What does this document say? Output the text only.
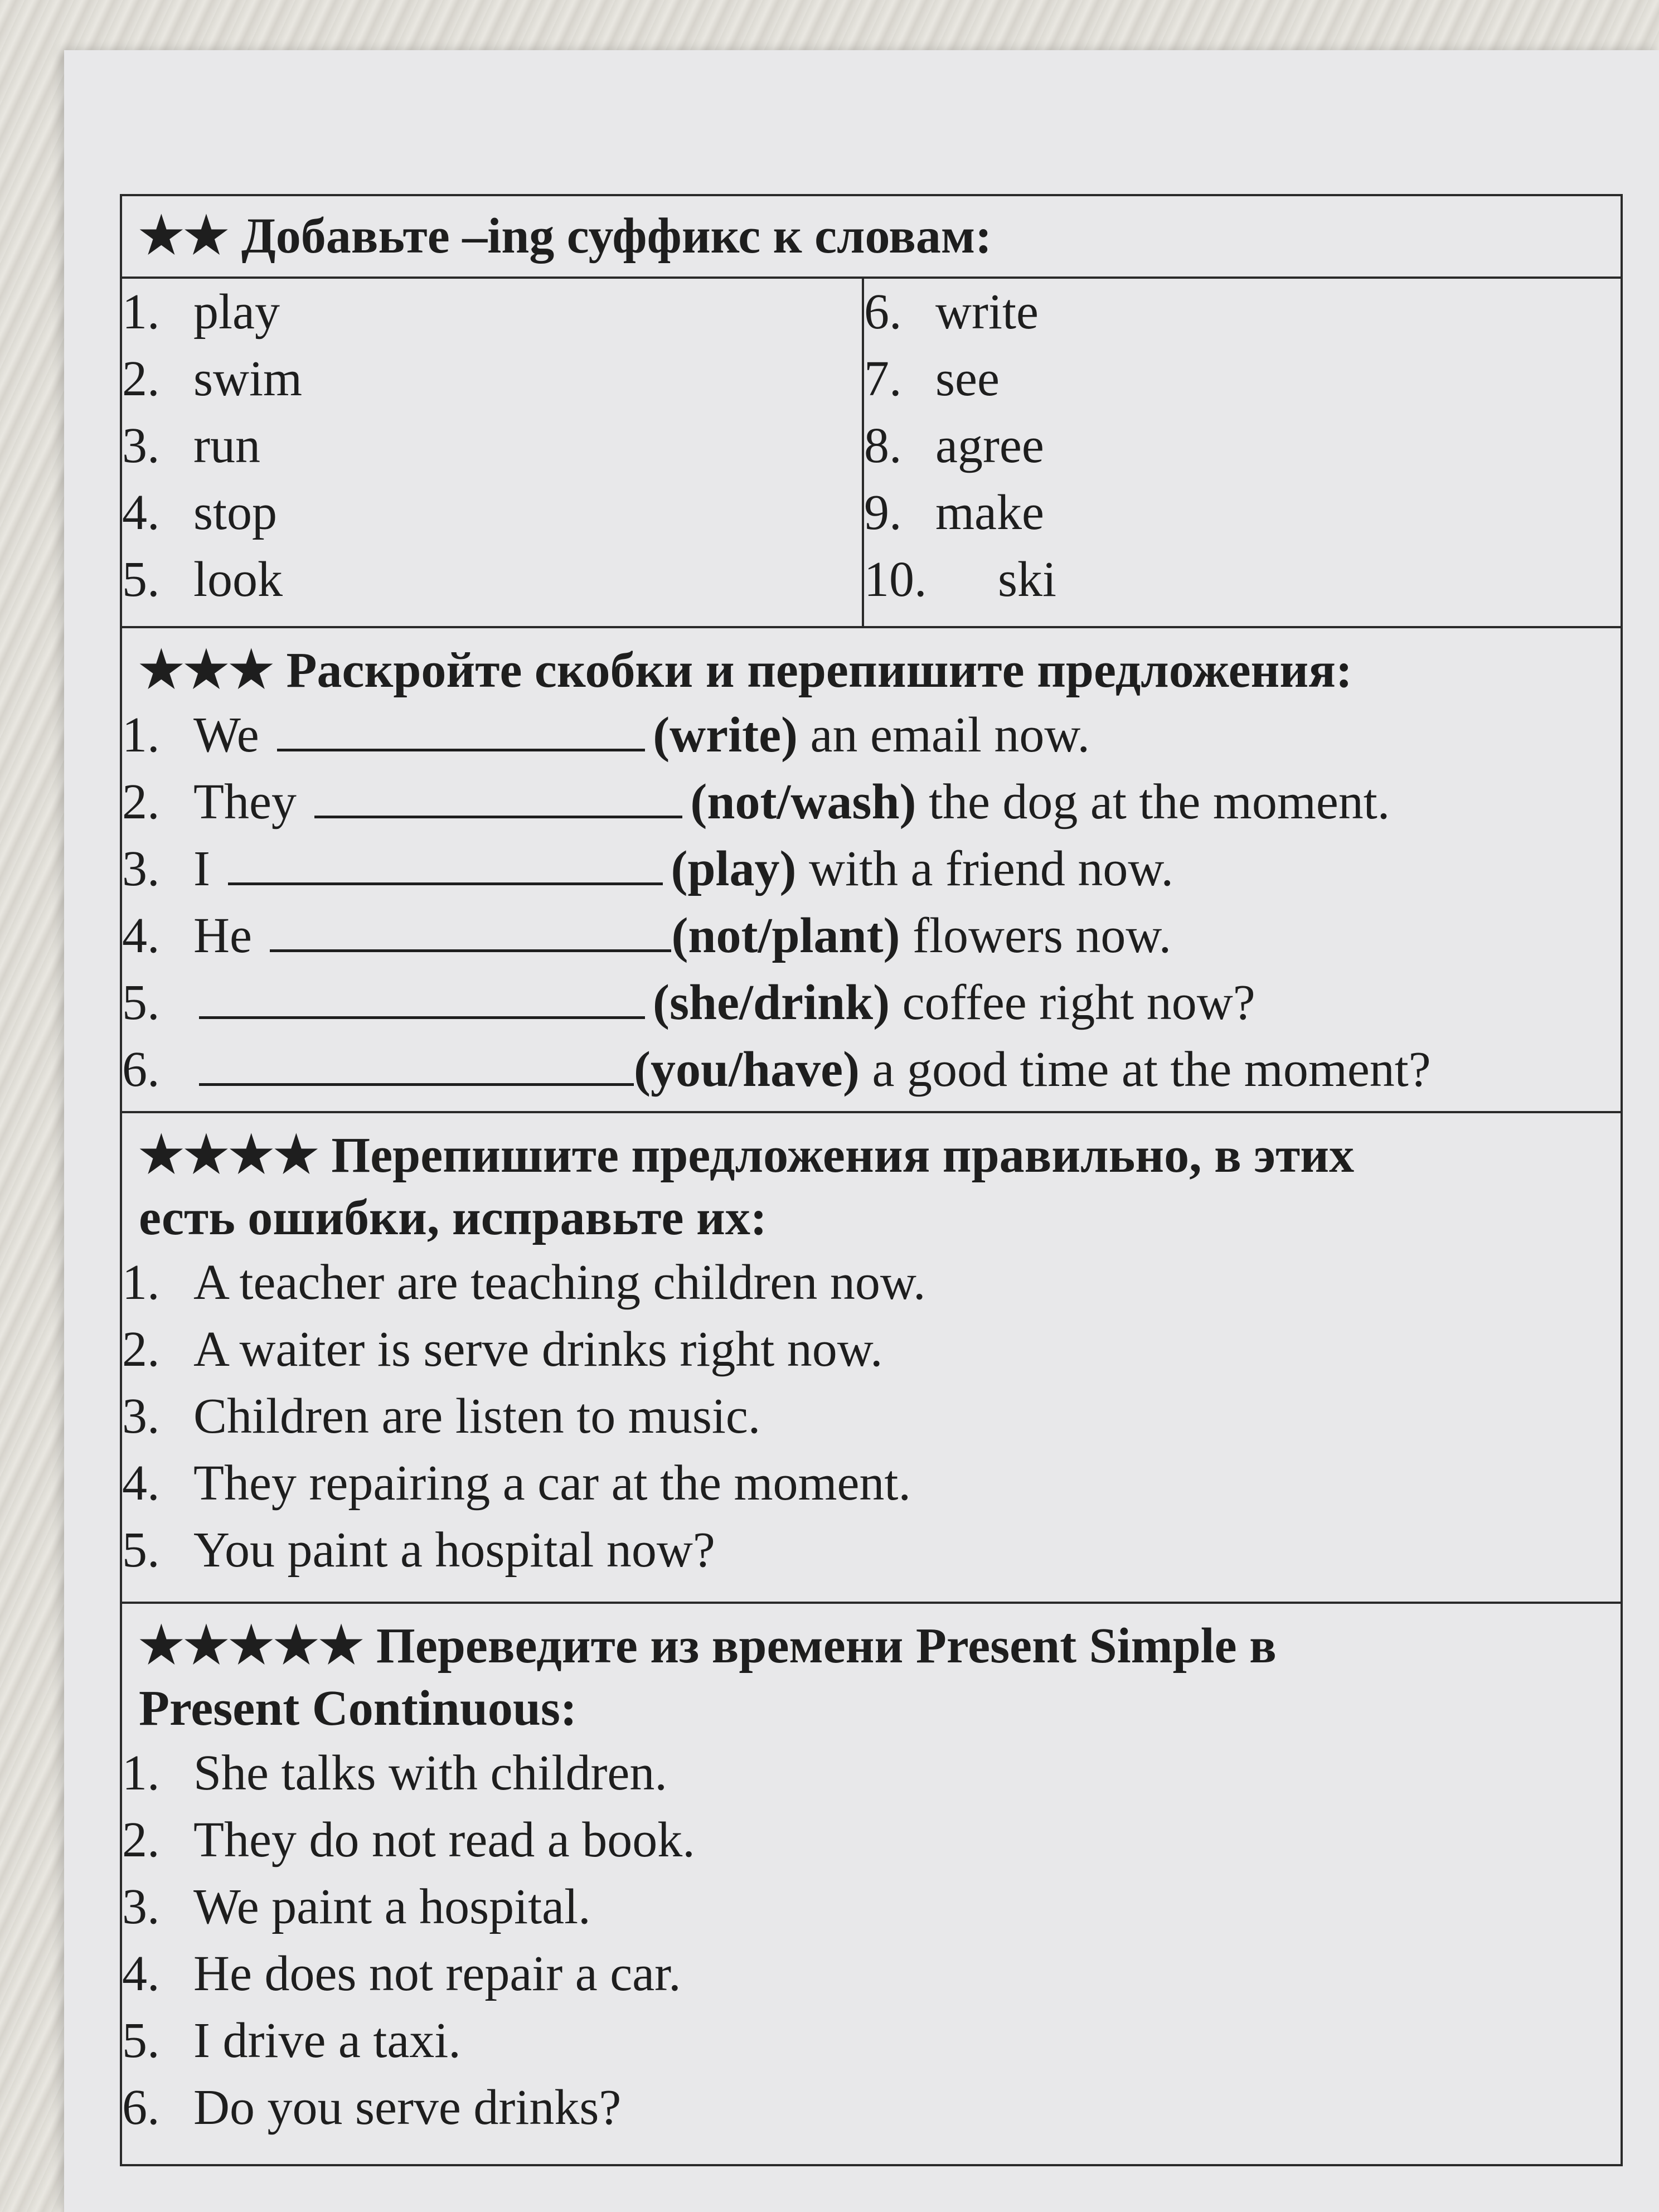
★★ Добавьте –ing суффикс к словам:
1. play
2. swim
3. run
4. stop
5. look
6. write
7. see
8. agree
9. make
10. ski
★★★ Раскройте скобки и перепишите предложения:
1. We	(write) an email now.
2. They	(not/wash) the dog at the moment.
3. I	(play) with a friend now.
4. He	(not/plant) flowers now.
5.	(she/drink) coffee right now?
6.	(you/have) a good time at the moment?
★★★★ Перепишите предложения правильно, в этих
есть ошибки, исправьте их:
1. A teacher are teaching children now.
2. A waiter is serve drinks right now.
3. Children are listen to music.
4. They repairing a car at the moment.
5. You paint a hospital now?
★★★★★ Переведите из времени Present Simple в
Present Continuous:
1. She talks with children.
2. They do not read a book.
3. We paint a hospital.
4. He does not repair a car.
5. I drive a taxi.
6. Do you serve drinks?
